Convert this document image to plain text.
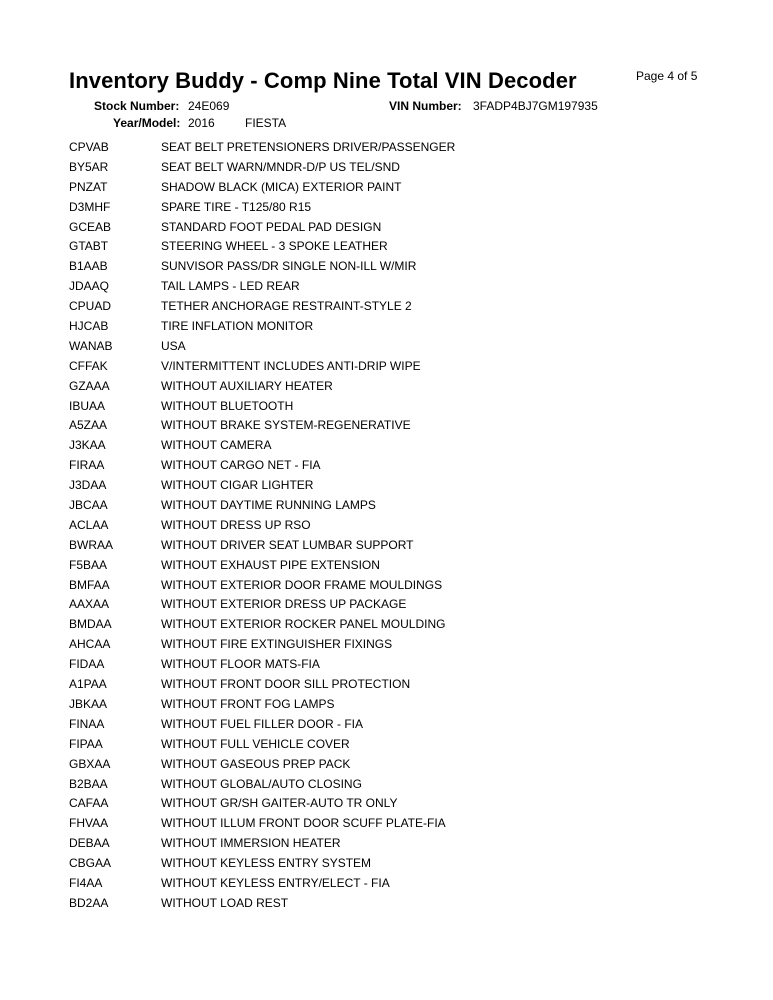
Inventory Buddy - Comp Nine Total VIN Decoder	Page 4 of 5
Stock Number: 24E069	VIN Number: 3FADP4BJ7GM197935
Year/Model: 2016	FIESTA
CPVAB	SEAT BELT PRETENSIONERS DRIVER/PASSENGER
BY5AR	SEAT BELT WARN/MNDR-D/P US TEL/SND
PNZAT	SHADOW BLACK (MICA) EXTERIOR PAINT
D3MHF	SPARE TIRE - T125/80 R15
GCEAB	STANDARD FOOT PEDAL PAD DESIGN
GTABT	STEERING WHEEL - 3 SPOKE LEATHER
B1AAB	SUNVISOR PASS/DR SINGLE NON-ILL W/MIR
JDAAQ	TAIL LAMPS - LED REAR
CPUAD	TETHER ANCHORAGE RESTRAINT-STYLE 2
HJCAB	TIRE INFLATION MONITOR
WANAB	USA
CFFAK	V/INTERMITTENT INCLUDES ANTI-DRIP WIPE
GZAAA	WITHOUT AUXILIARY HEATER
IBUAA	WITHOUT BLUETOOTH
A5ZAA	WITHOUT BRAKE SYSTEM-REGENERATIVE
J3KAA	WITHOUT CAMERA
FIRAA	WITHOUT CARGO NET - FIA
J3DAA	WITHOUT CIGAR LIGHTER
JBCAA	WITHOUT DAYTIME RUNNING LAMPS
ACLAA	WITHOUT DRESS UP RSO
BWRAA	WITHOUT DRIVER SEAT LUMBAR SUPPORT
F5BAA	WITHOUT EXHAUST PIPE EXTENSION
BMFAA	WITHOUT EXTERIOR DOOR FRAME MOULDINGS
AAXAA	WITHOUT EXTERIOR DRESS UP PACKAGE
BMDAA	WITHOUT EXTERIOR ROCKER PANEL MOULDING
AHCAA	WITHOUT FIRE EXTINGUISHER FIXINGS
FIDAA	WITHOUT FLOOR MATS-FIA
A1PAA	WITHOUT FRONT DOOR SILL PROTECTION
JBKAA	WITHOUT FRONT FOG LAMPS
FINAA	WITHOUT FUEL FILLER DOOR - FIA
FIPAA	WITHOUT FULL VEHICLE COVER
GBXAA	WITHOUT GASEOUS PREP PACK
B2BAA	WITHOUT GLOBAL/AUTO CLOSING
CAFAA	WITHOUT GR/SH GAITER-AUTO TR ONLY
FHVAA	WITHOUT ILLUM FRONT DOOR SCUFF PLATE-FIA
DEBAA	WITHOUT IMMERSION HEATER
CBGAA	WITHOUT KEYLESS ENTRY SYSTEM
FI4AA	WITHOUT KEYLESS ENTRY/ELECT - FIA
BD2AA	WITHOUT LOAD REST
